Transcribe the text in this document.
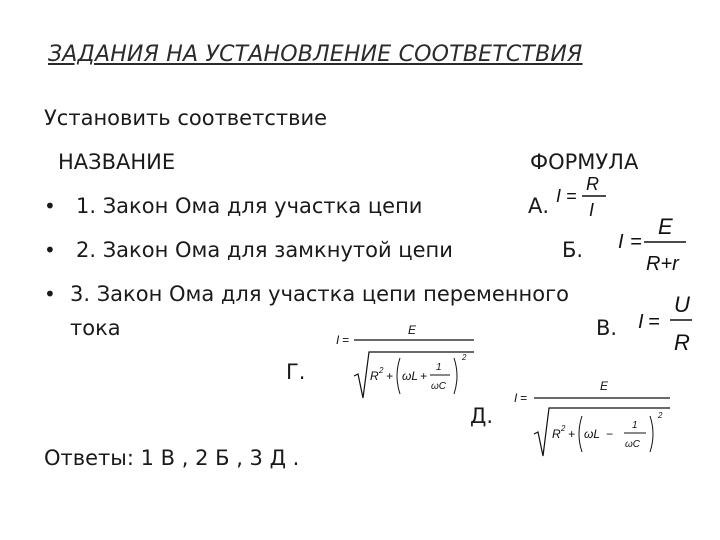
ЗАДАНИЯ НА УСТАНОВЛЕНИЕ СООТВЕТСТВИЯ
Установить соответствие
НАЗВАНИЕ	ФОРМУЛА
• 1. Закон Ома для участка цепи	А. I =
R
I
• 2. Закон Ома для замкнутой цепи	Б. I =
E
R+r
• 3. Закон Ома для участка цепи переменного
тока	В. I =
U
R
I =
E
R 2 + ωL +
1
ωC
2
Г.
I =
E
R 2 + ωL −
1
ωC
2
Д.
Ответы: 1 В , 2 Б , 3 Д .
